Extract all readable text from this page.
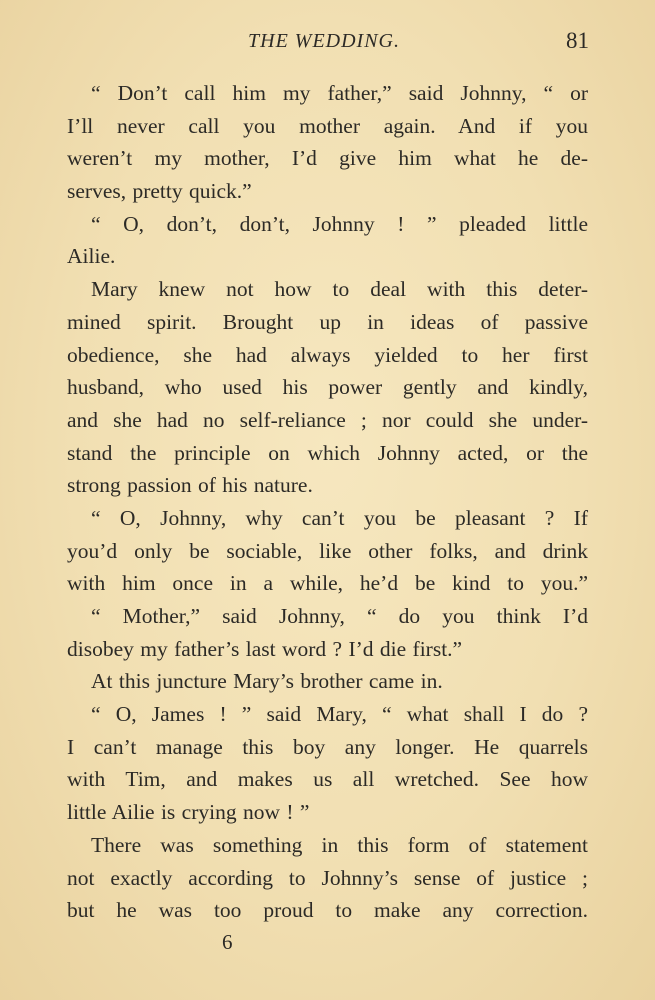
THE WEDDING.	81
“ Don’t call him my father,” said Johnny, “ or
I’ll never call you mother again. And if you
weren’t my mother, I’d give him what he de-
serves, pretty quick.”
“ O, don’t, don’t, Johnny ! ” pleaded little
Ailie.
Mary knew not how to deal with this deter-
mined spirit. Brought up in ideas of passive
obedience, she had always yielded to her first
husband, who used his power gently and kindly,
and she had no self-reliance ; nor could she under-
stand the principle on which Johnny acted, or the
strong passion of his nature.
“ O, Johnny, why can’t you be pleasant ? If
you’d only be sociable, like other folks, and drink
with him once in a while, he’d be kind to you.”
“ Mother,” said Johnny, “ do you think I’d
disobey my father’s last word ? I’d die first.”
At this juncture Mary’s brother came in.
“ O, James ! ” said Mary, “ what shall I do ?
I can’t manage this boy any longer. He quarrels
with Tim, and makes us all wretched. See how
little Ailie is crying now ! ”
There was something in this form of statement
not exactly according to Johnny’s sense of justice ;
but he was too proud to make any correction.
6
